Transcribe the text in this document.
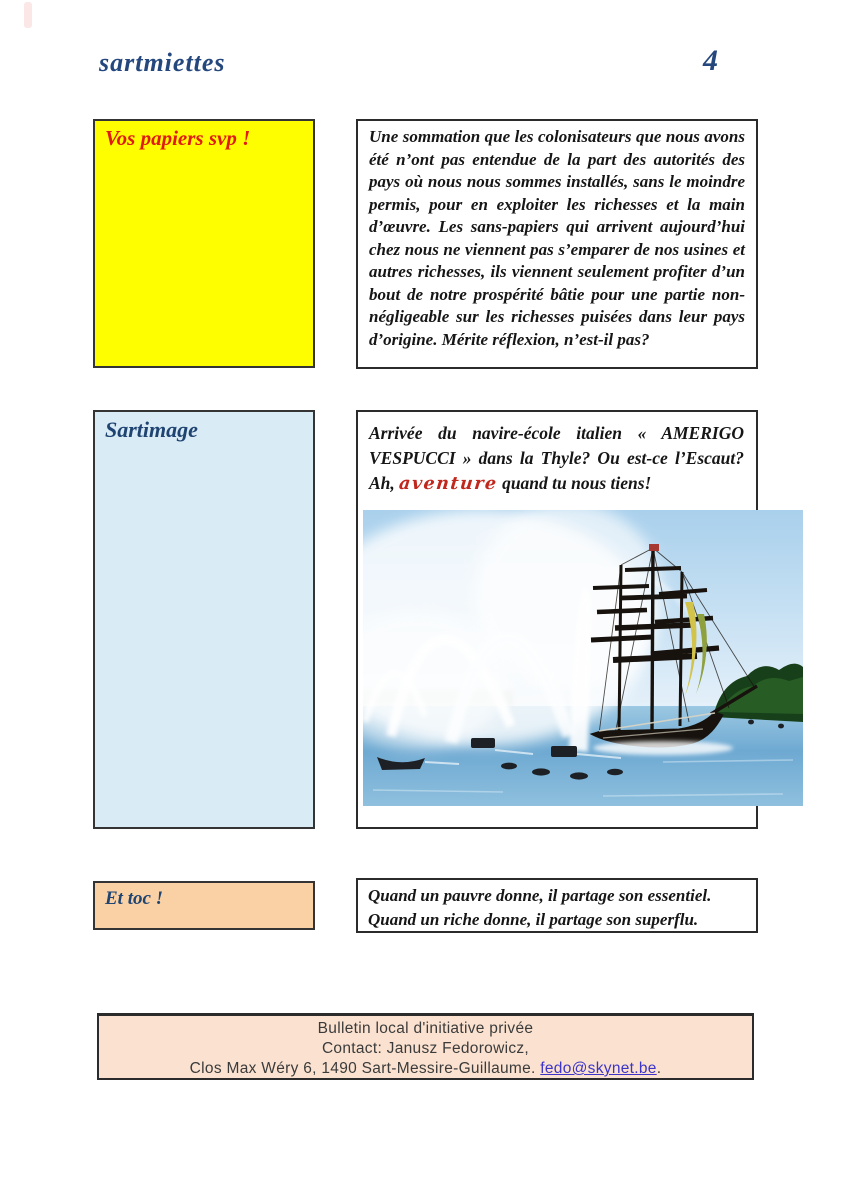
sartmiettes	4
Vos papiers svp !	Une sommation que les colonisateurs que nous avons été n’ont pas entendue de la part des autorités des pays où nous nous sommes installés, sans le moindre permis, pour en exploiter les richesses et la main d’œuvre. Les sans-papiers qui arrivent aujourd’hui chez nous ne viennent pas s’emparer de nos usines et autres richesses, ils viennent seulement profiter d’un bout de notre prospérité bâtie pour une partie non-négligeable sur les richesses puisées dans leur pays d’origine. Mérite réflexion, n’est-il pas?
Sartimage	Arrivée du navire-école italien « AMERIGO VESPUCCI » dans la Thyle? Ou est-ce l’Escaut? Ah, aventure quand tu nous tiens!
Et toc !	Quand un pauvre donne, il partage son essentiel.
Quand un riche donne, il partage son superflu.
Bulletin local d'initiative privée
Contact: Janusz Fedorowicz,
Clos Max Wéry 6, 1490 Sart-Messire-Guillaume. fedo@skynet.be.
